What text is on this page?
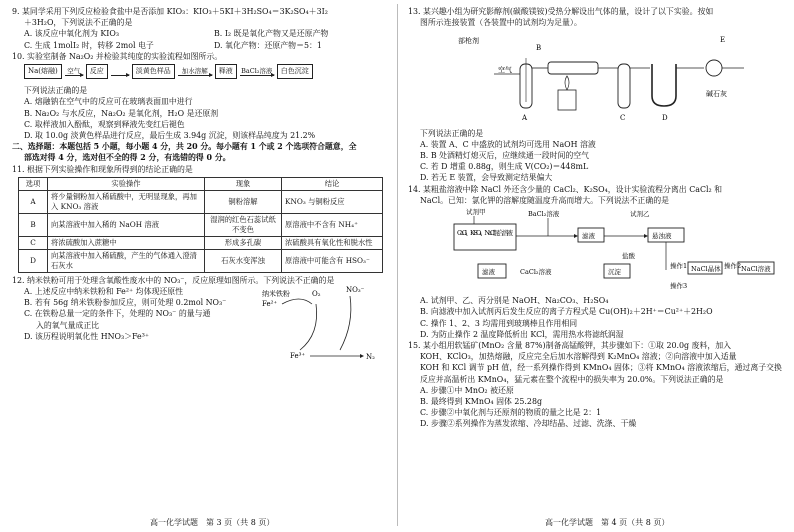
9. 某同学采用下列反应检验食盐中是否添加 KIO₃：KIO₃＋5KI＋3H₂SO₄＝3K₂SO₄＋3I₂
＋3H₂O，下列说法不正确的是
A. 该反应中氧化剂为 KIO₃	B. I₂ 既是氧化产物又是还原产物
C. 生成 1molI₂ 时，转移 2mol 电子	D. 氧化产物：还原产物＝5：1
10. 实验室制备 Na₂O₂ 并检验其纯度的实验流程如图所示。
Na(熔融)	空气	反应
	淡黄色样品	加水溶解	释液	BaCl₂溶液	白色沉淀
下列说法正确的是
A. 熔融钠在空气中的反应可在玻璃表面皿中进行
B. Na₂O₂ 与水反应，Na₂O₂ 是氧化剂，H₂O 是还原剂
C. 取样液加入酚酞，观察到释液先变红后褪色
D. 取 10.0g 淡黄色样品进行反应，最后生成 3.94g 沉淀，则该样品纯度为 21.2%
二、选择题：本题包括 5 小题，每小题 4 分，共 20 分。每小题有 1 个或 2 个选项符合题意，全
部选对得 4 分，选对但不全的得 2 分，有选错的得 0 分。
11. 根据下列实验操作和现象所得到的结论正确的是
选项	实验操作	现象	结论
A	将少量铜粉加入稀硫酸中，无明显现象，再加入 KNO₃ 溶液	铜粉溶解	KNO₃ 与铜粉反应
B	向某溶液中加入稀的 NaOH 溶液	湿润的红色石蕊试纸不变色	原溶液中不含有 NH₄⁺
C	将浓硫酸加入蔗糖中	形成多孔碳	浓硫酸具有氧化性和脱水性
D	向某溶液中加入稀硫酸，产生的气体通入澄清石灰水	石灰水变浑浊	原溶液中可能含有 HSO₃⁻
12. 纳米铁粉可用于处理含氧酸性废水中的 NO₃⁻，反应原理如图所示。下列说法不正确的是
A. 上述反应中纳米铁粉和 Fe²⁺ 均体现还原性
B. 若有 56g 纳米铁粉参加反应，则可处理 0.2mol NO₃⁻
C. 在铁粉总量一定的条件下，处理的 NO₃⁻ 的量与通
入的氧气量成正比
D. 该历程说明氧化性 HNO₃＞Fe³⁺
纳米铁粉	O₂	NO₃⁻
Fe²⁺
Fe³⁺	N₂
13. 某兴趣小组为研究影醇剂(碳酸镁铵)受热分解设出气体的量，设计了以下实验。按如
图所示连接装置（各装置中的试剂均为足量）。
部枪剂
B
E
空气
碱石灰
A	C	D
下列说法正确的是
A. 装置 A、C 中盛放的试剂均可选用 NaOH 溶液
B. B 处酒精灯熄灭后，应继续通一段时间的空气
C. 若 D 增重 0.88g，则生成 V(CO₂)＝448mL
D. 若无 E 装置，会导致测定结果偏大
14. 某粗盐溶液中除 NaCl 外还含少量的 CaCl₂、K₂SO₄，设计实验流程分离出 CaCl₂ 和
NaCl。已知：氯化钾的溶解度随温度升高而增大。下列说法不正确的是
试剂甲
CaCl₂、K₂SO₄、NaCl混合溶液
BaCl₂溶液
滤液
试剂乙
悬浊液
盐酸
沉淀
滤液	CaCl₂溶液
操作1 NaCl晶体 操作2 NaCl溶液
操作3
A. 试剂甲、乙、丙分别是 NaOH、Na₂CO₃、H₂SO₄
B. 向滤液中加入试剂丙后发生反应的离子方程式是 Cu(OH)₂＋2H⁺＝Cu²⁺＋2H₂O
C. 操作 1、2、3 均需用到玻璃棒且作用相同
D. 为防止操作 2 温度降低析出 KCl，需用热水将滤纸润湿
15. 某小组用软锰矿(MnO₂ 含量 87%)制备高锰酸钾，其步骤如下：①取 20.0g 废料，加入
KOH、KClO₃，加热熔融，反应完全后加水溶解得到 K₂MnO₄ 溶液；②向溶液中加入适量
KOH 和 KCl 调节 pH 值，经一系列操作得到 KMnO₄ 固体；③将 KMnO₄ 溶液浓缩后，通过离子交换
反应并高温析出 KMnO₄，猛元素在整个流程中的损失率为 20.0%。下列说法正确的是
A. 步骤①中 MnO₂ 被还原
B. 最终得到 KMnO₄ 固体 25.28g
C. 步骤②中氧化剂与还原剂的物质的量之比是 2：1
D. 步骤②系列操作为蒸发浓缩、冷却结晶、过滤、洗涤、干燥
高一化学试题　第 3 页（共 8 页）	高一化学试题　第 4 页（共 8 页）
